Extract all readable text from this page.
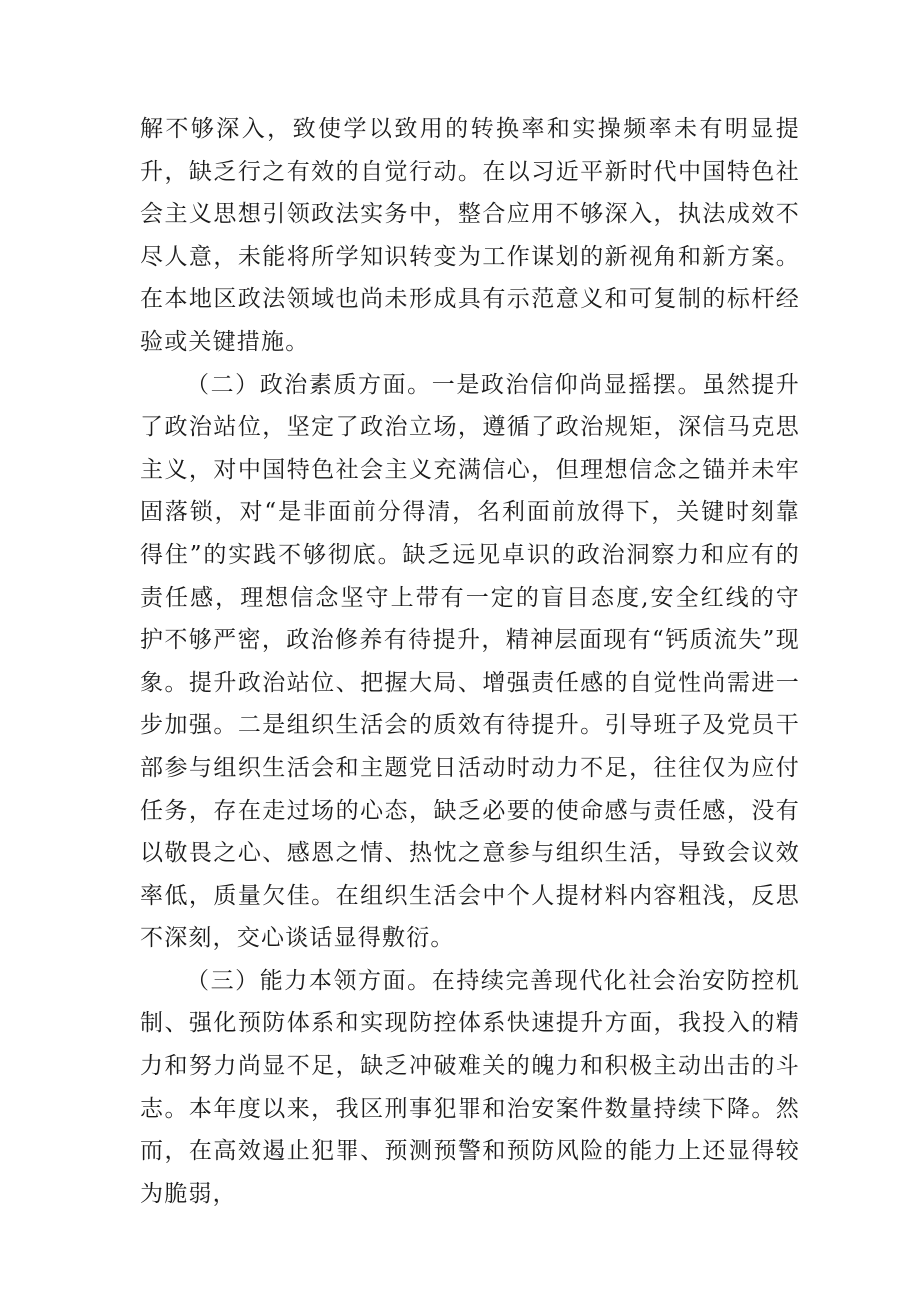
解不够深入，致使学以致用的转换率和实操频率未有明显提升，缺乏行之有效的自觉行动。在以习近平新时代中国特色社会主义思想引领政法实务中，整合应用不够深入，执法成效不尽人意，未能将所学知识转变为工作谋划的新视角和新方案。在本地区政法领域也尚未形成具有示范意义和可复制的标杆经验或关键措施。

（二）政治素质方面。一是政治信仰尚显摇摆。虽然提升了政治站位，坚定了政治立场，遵循了政治规矩，深信马克思主义，对中国特色社会主义充满信心，但理想信念之锚并未牢固落锁，对“是非面前分得清，名利面前放得下，关键时刻靠得住”的实践不够彻底。缺乏远见卓识的政治洞察力和应有的责任感，理想信念坚守上带有一定的盲目态度,安全红线的守护不够严密，政治修养有待提升，精神层面现有“钙质流失”现象。提升政治站位、把握大局、增强责任感的自觉性尚需进一步加强。二是组织生活会的质效有待提升。引导班子及党员干部参与组织生活会和主题党日活动时动力不足，往往仅为应付任务，存在走过场的心态，缺乏必要的使命感与责任感，没有以敬畏之心、感恩之情、热忱之意参与组织生活，导致会议效率低，质量欠佳。在组织生活会中个人提材料内容粗浅，反思不深刻，交心谈话显得敷衍。

（三）能力本领方面。在持续完善现代化社会治安防控机制、强化预防体系和实现防控体系快速提升方面，我投入的精力和努力尚显不足，缺乏冲破难关的魄力和积极主动出击的斗志。本年度以来，我区刑事犯罪和治安案件数量持续下降。然而，在高效遏止犯罪、预测预警和预防风险的能力上还显得较为脆弱，
